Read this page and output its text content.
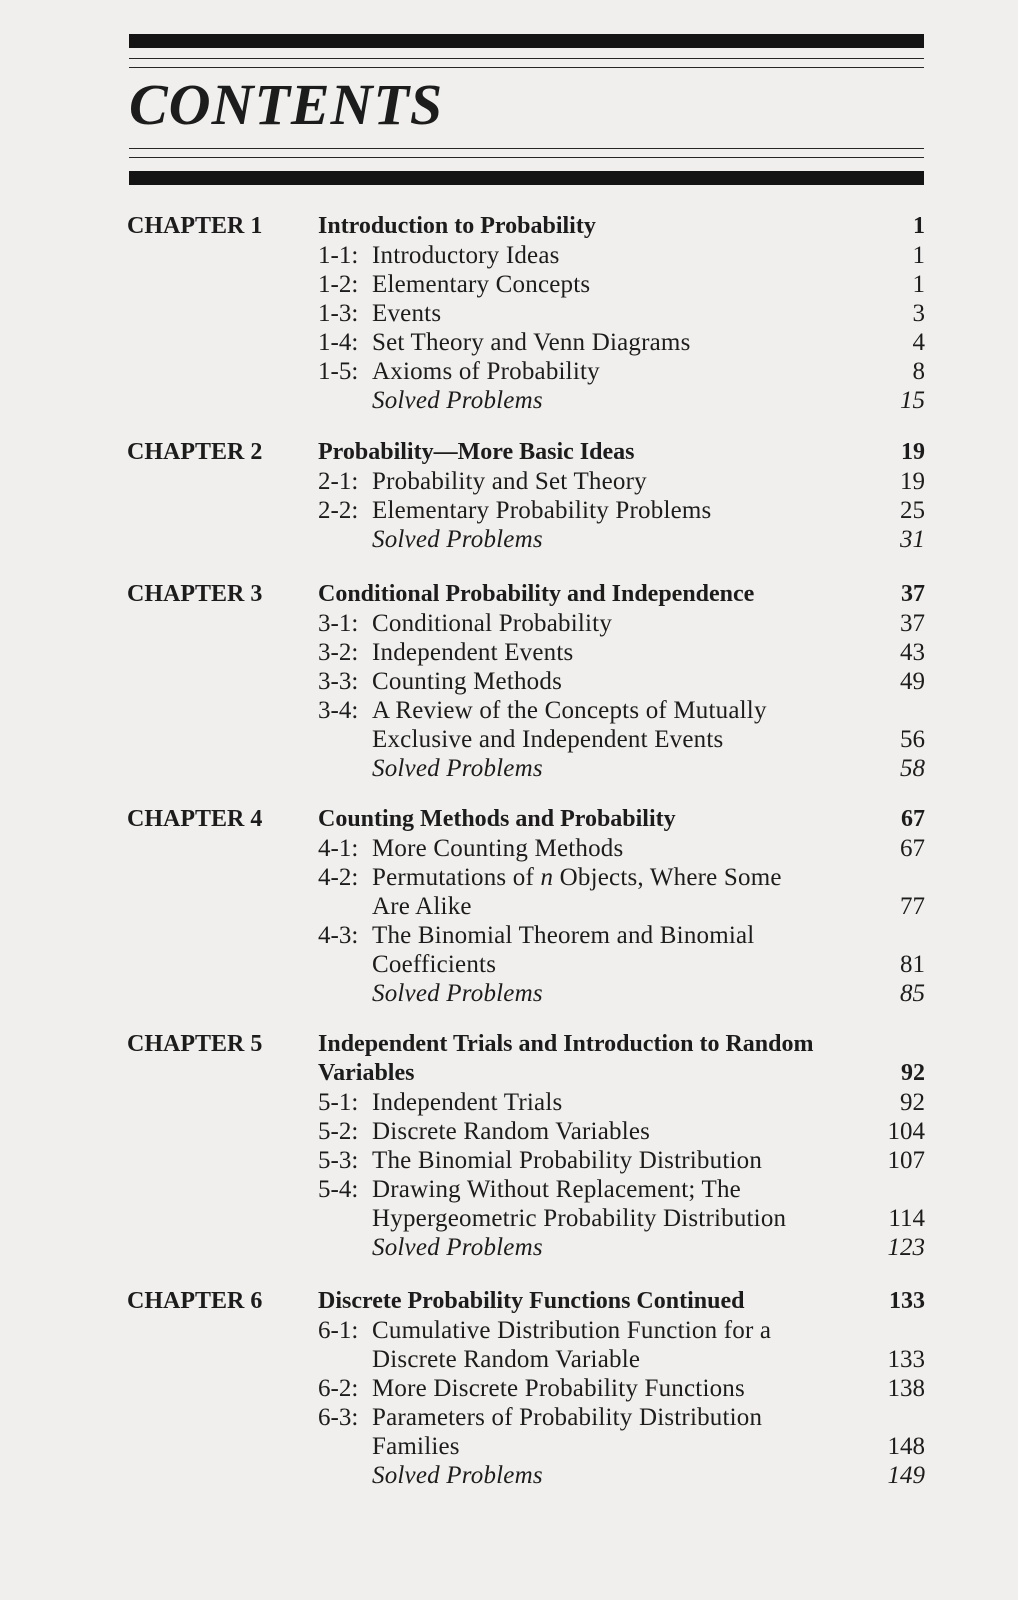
CONTENTS
CHAPTER 1 Introduction to Probability	1
1-1: Introductory Ideas	1
1-2: Elementary Concepts	1
1-3: Events	3
1-4: Set Theory and Venn Diagrams	4
1-5: Axioms of Probability	8
Solved Problems	15
CHAPTER 2 Probability—More Basic Ideas	19
2-1: Probability and Set Theory	19
2-2: Elementary Probability Problems	25
Solved Problems	31
CHAPTER 3 Conditional Probability and Independence	37
3-1: Conditional Probability	37
3-2: Independent Events	43
3-3: Counting Methods	49
3-4: A Review of the Concepts of Mutually
Exclusive and Independent Events	56
Solved Problems	58
CHAPTER 4 Counting Methods and Probability	67
4-1: More Counting Methods	67
4-2: Permutations of n Objects, Where Some
Are Alike	77
4-3: The Binomial Theorem and Binomial
Coefficients	81
Solved Problems	85
CHAPTER 5 Independent Trials and Introduction to Random
Variables	92
5-1: Independent Trials	92
5-2: Discrete Random Variables	104
5-3: The Binomial Probability Distribution	107
5-4: Drawing Without Replacement; The
Hypergeometric Probability Distribution	114
Solved Problems	123
CHAPTER 6 Discrete Probability Functions Continued	133
6-1: Cumulative Distribution Function for a
Discrete Random Variable	133
6-2: More Discrete Probability Functions	138
6-3: Parameters of Probability Distribution
Families	148
Solved Problems	149
